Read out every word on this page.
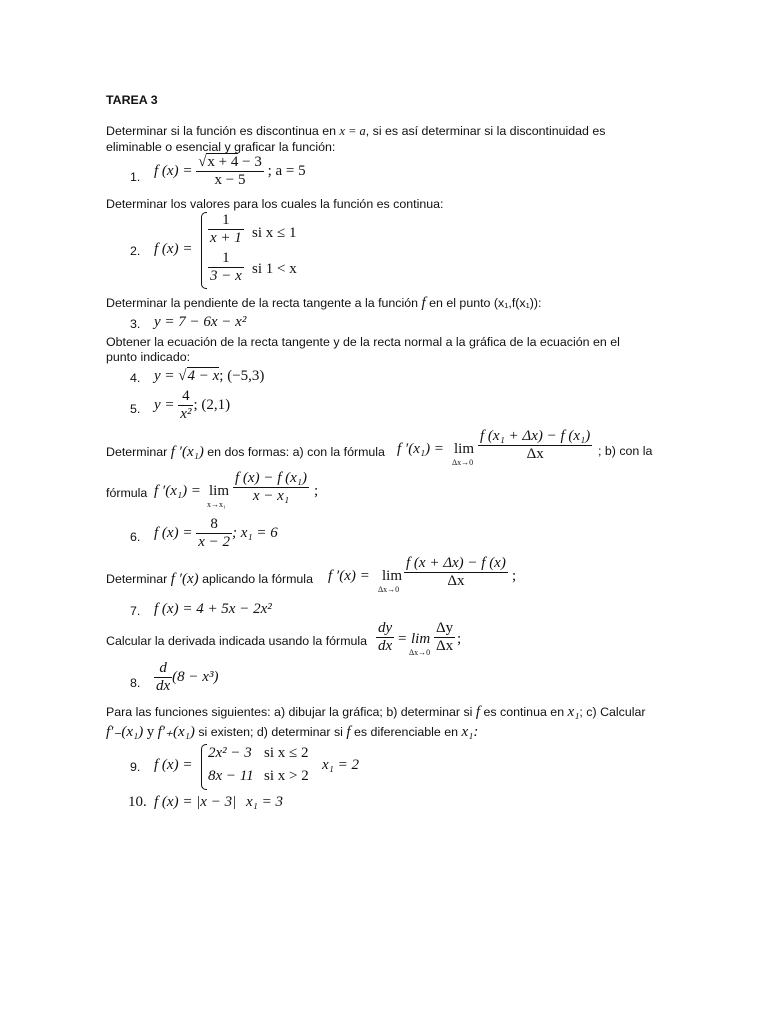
TAREA 3
Determinar si la función es discontinua en x = a, si es así determinar si la discontinuidad es
eliminable o esencial y graficar la función:
1. f $(x) = \frac{√x + 4 - 3}{x - 5}$ ; a = 5
Determinar los valores para los cuales la función es continua:
2. f (x) =
$\frac{1}{x + 1}$ si x ≤ 1
$\frac{1}{3 - x}$ si 1 < x
Determinar la pendiente de la recta tangente a la función f en el punto (x₁,f(x₁)):
3. y = 7 − 6x − x²
Obtener la ecuación de la recta tangente y de la recta normal a la gráfica de la ecuación en el
punto indicado:
4. y = √4 − x; (−5,3)
5. $y = \frac{4}{\text{x²}}$ ; (2,1)
Determinar f ′(x₁) en dos formas: a) con la fórmula f ′(x₁) = lim
$\Delta x\to 0 \frac{\text{f (x₁ + Δx) − f (x₁)}}{\Delta x}$ ; b) con la
fórmula f ′(x₁) = lim
$x\to x_1 \frac{\text{f (x) − f (x₁)}}{\text{x − x₁}}$ ;
6. f $(x) = \frac{8}{x - 2}$ ; x₁ = 6
Determinar f ′(x) aplicando la fórmula f ′(x) = lim
$\Delta x\to 0 \frac{f (x + \Delta x) - f (x)}{\Delta x}$ ;
7. f (x) = 4 + 5x − 2x²
Calcular la derivada indicada usando la fórmula $\frac{dy}{dx} = \lim$
$\Delta x\to 0 \frac{\Delta y}{\Delta x}$ ;
8. $\frac{d}{dx} (8 - x^3)$
Para las funciones siguientes: a) dibujar la gráfica; b) determinar si f es continua en x₁; c) Calcular
f′₋(x₁) y f′₊(x₁) si existen; d) determinar si f es diferenciable en x₁:
9. f (x) =
2x² − 3 si x ≤ 2
8x − 11 si x > 2
x₁ = 2
10. f (x) = |x − 3| x₁ = 3
